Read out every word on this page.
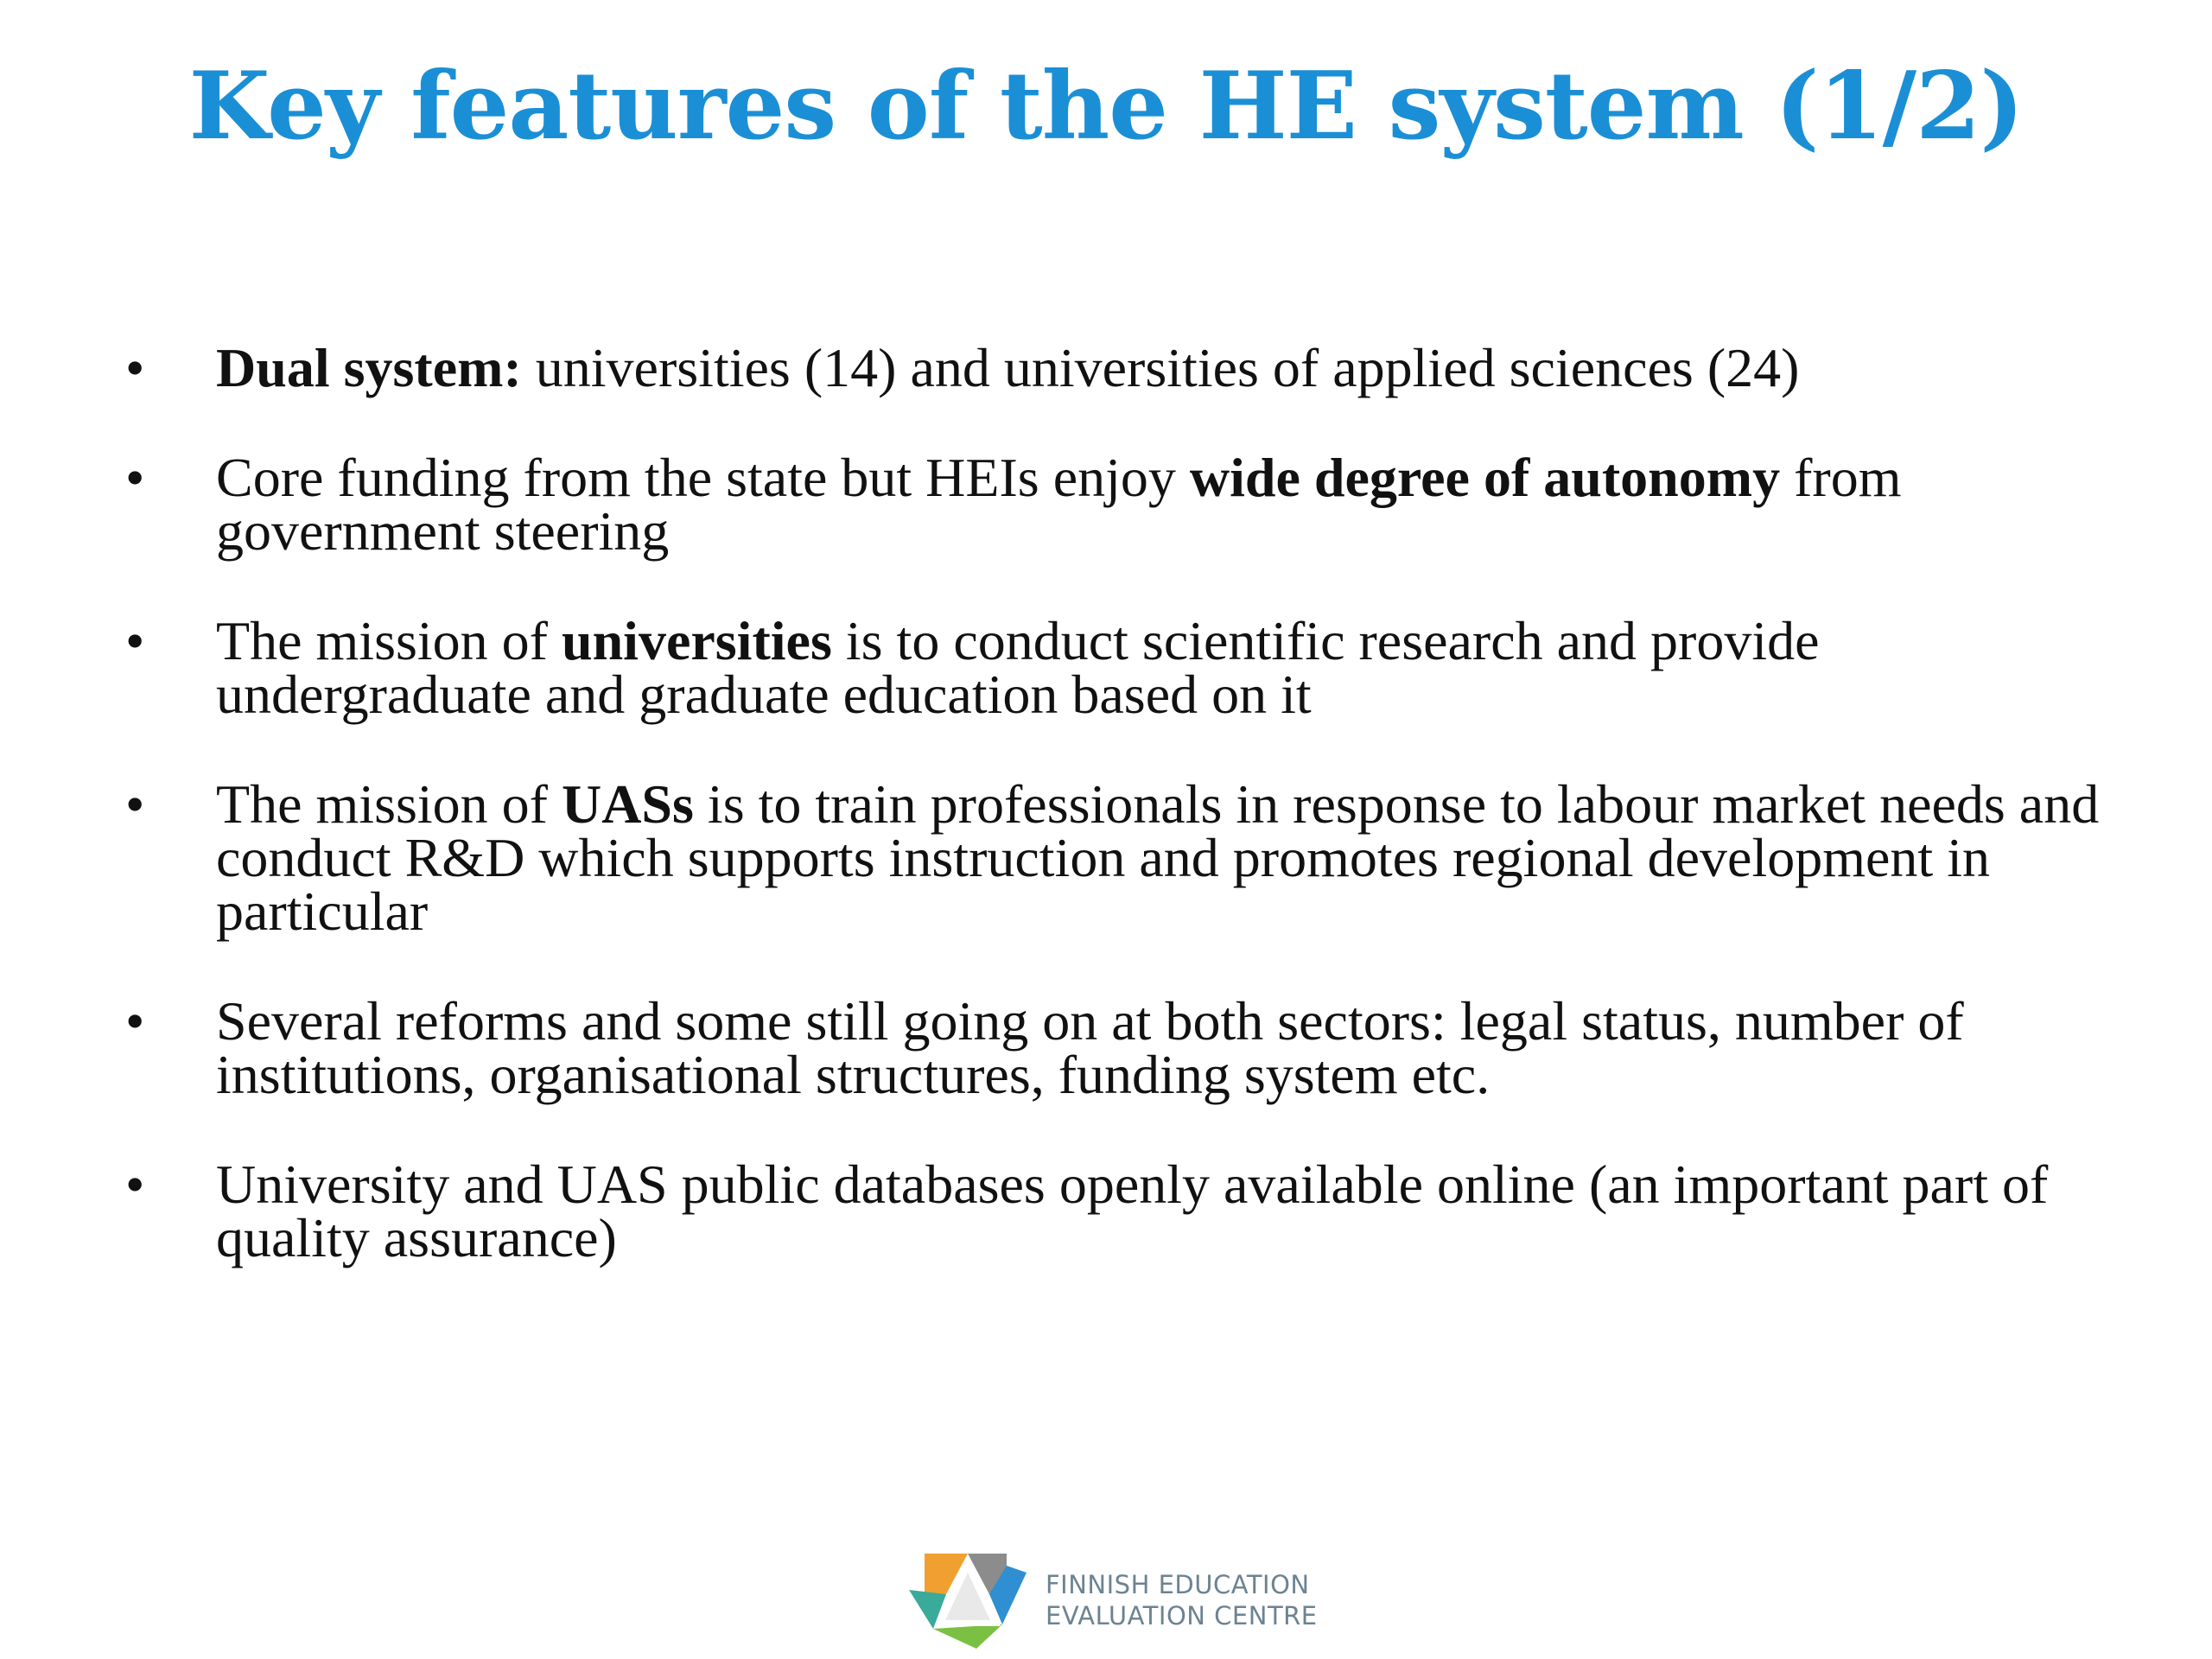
Key features of the HE system (1/2)
• Dual system: universities (14) and universities of applied sciences (24)
• Core funding from the state but HEIs enjoy wide degree of autonomy from government steering
• The mission of universities is to conduct scientific research and provide undergraduate and graduate education based on it
• The mission of UASs is to train professionals in response to labour market needs and conduct R&D which supports instruction and promotes regional development in particular
• Several reforms and some still going on at both sectors: legal status, number of institutions, organisational structures, funding system etc.
• University and UAS public databases openly available online (an important part of quality assurance)
FINNISH EDUCATION
EVALUATION CENTRE
